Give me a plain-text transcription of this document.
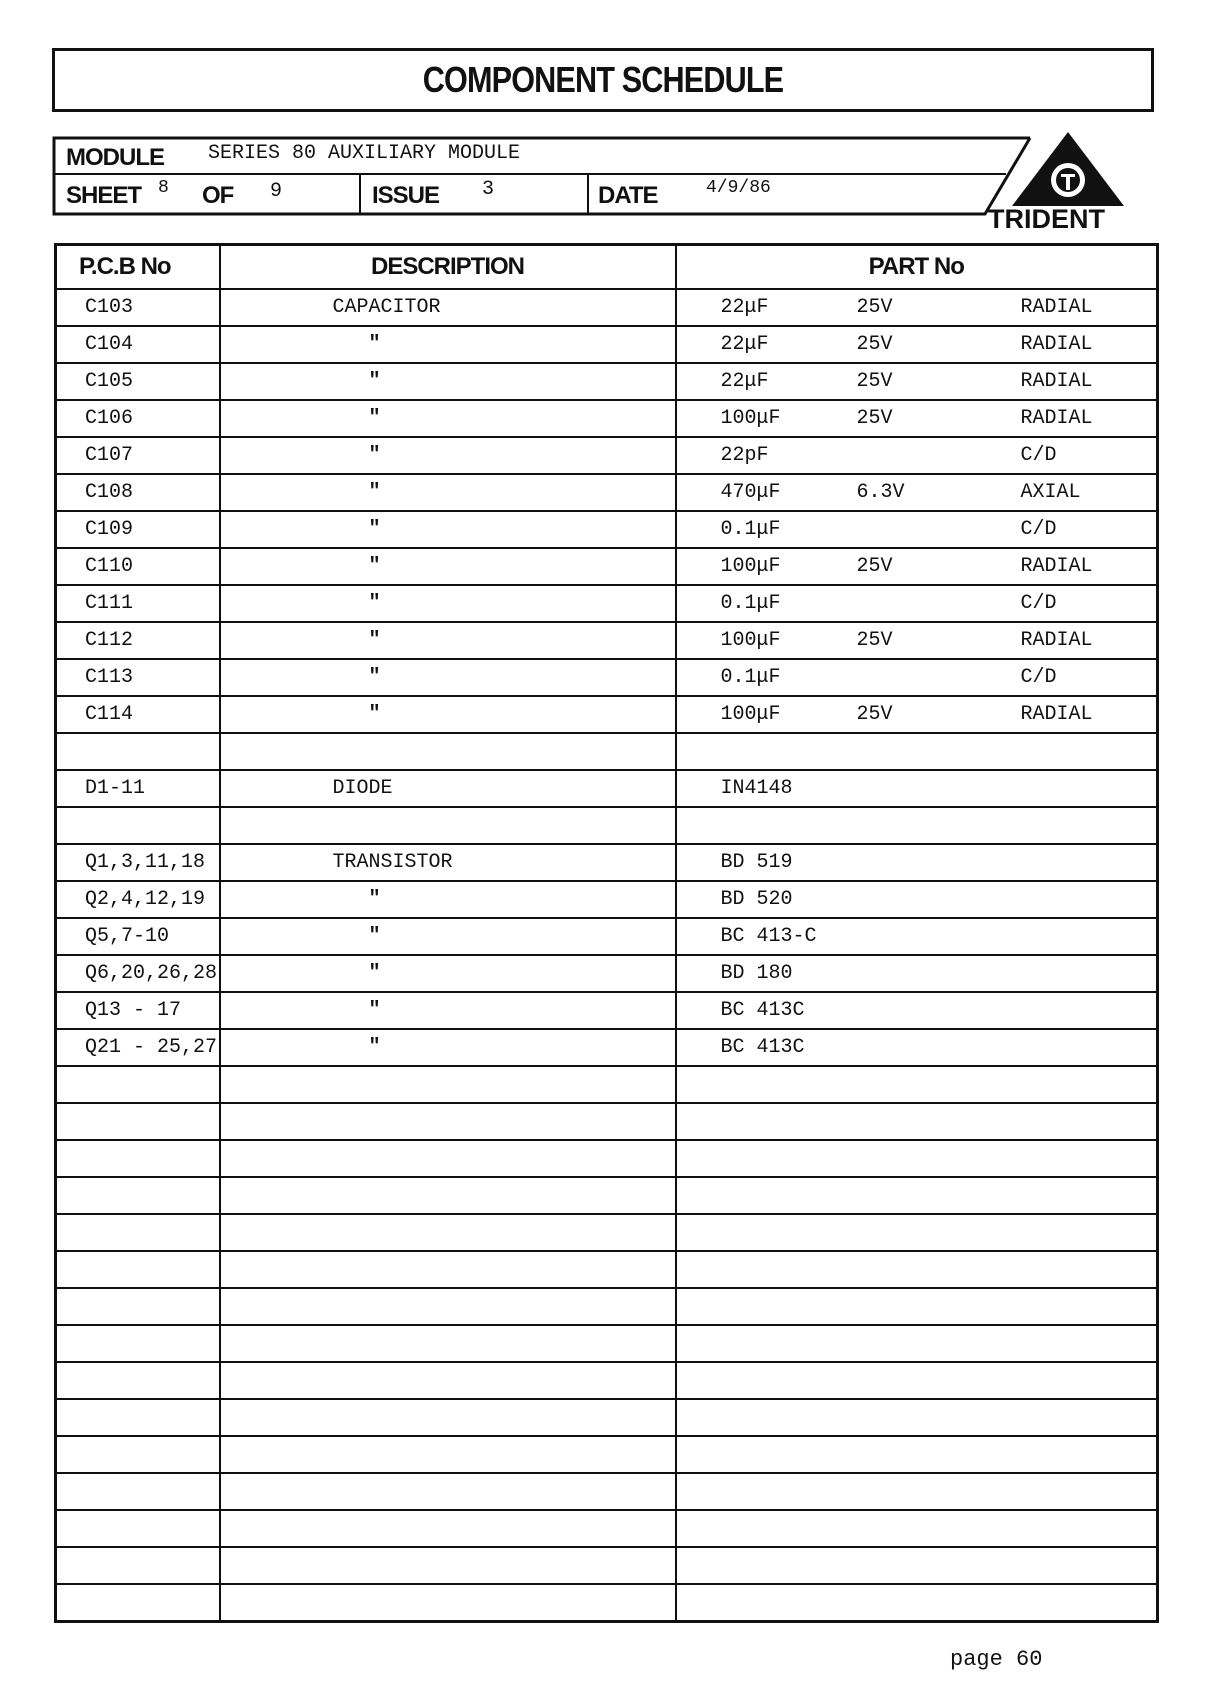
COMPONENT SCHEDULE
MODULE SERIES 80 AUXILIARY MODULE
SHEET 8 OF 9	ISSUE 3	DATE	4/9/86
TRIDENT
P.C.B No	DESCRIPTION	PART No
C103	CAPACITOR	22μF 25V RADIAL

C104	"	22μF 25V RADIAL

C105	"	22μF 25V RADIAL

C106	"	100μF 25V RADIAL

C107	"	22pF C/D

C108	"	470μF 6.3V AXIAL

C109	"	0.1μF C/D

C110	"	100μF 25V RADIAL

C111	"	0.1μF C/D

C112	"	100μF 25V RADIAL

C113	"	0.1μF C/D

C114	"	100μF 25V RADIAL

D1-11	DIODE	IN4148

Q1,3,11,18	TRANSISTOR	BD 519

Q2,4,12,19	"	BD 520

Q5,7-10	"	BC 413-C

Q6,20,26,28	"	BD 180

Q13 - 17	"	BC 413C

Q21 - 25,27	"	BC 413C

page 60
